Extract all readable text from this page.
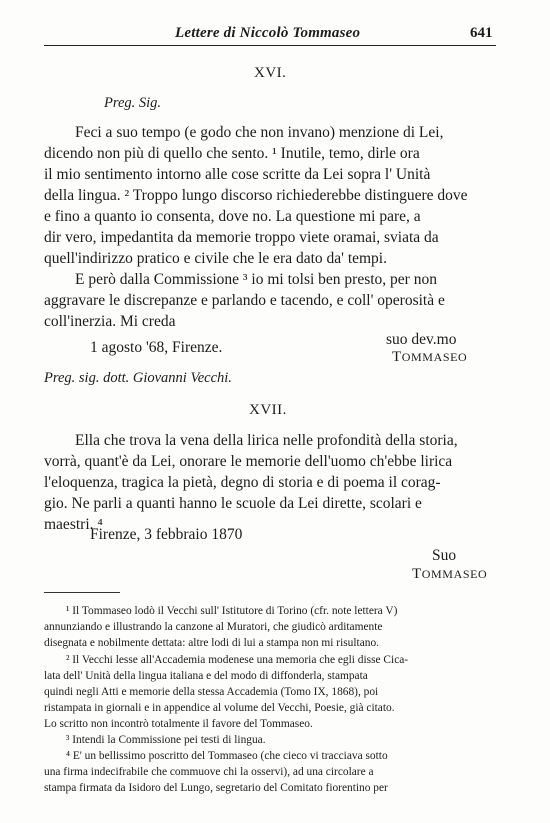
Lettere di Niccolò Tommaseo	641
XVI.
Preg. Sig.
Feci a suo tempo (e godo che non invano) menzione di Lei,
dicendo non più di quello che sento. ¹ Inutile, temo, dirle ora
il mio sentimento intorno alle cose scritte da Lei sopra l' Unità
della lingua. ² Troppo lungo discorso richiederebbe distinguere dove
e fino a quanto io consenta, dove no. La questione mi pare, a
dir vero, impedantita da memorie troppo viete oramai, sviata da
quell'indirizzo pratico e civile che le era dato da' tempi.
E però dalla Commissione ³ io mi tolsi ben presto, per non
aggravare le discrepanze e parlando e tacendo, e coll' operosità e
coll'inerzia. Mi creda
1 agosto '68, Firenze.	suo dev.mo
TOMMASEO
Preg. sig. dott. Giovanni Vecchi.
XVII.
Ella che trova la vena della lirica nelle profondità della storia,
vorrà, quant'è da Lei, onorare le memorie dell'uomo ch'ebbe lirica
l'eloquenza, tragica la pietà, degno di storia e di poema il corag-
gio. Ne parli a quanti hanno le scuole da Lei dirette, scolari e
maestri. ⁴
Firenze, 3 febbraio 1870
Suo
TOMMASEO
¹ Il Tommaseo lodò il Vecchi sull' Istitutore di Torino (cfr. note lettera V)
annunziando e illustrando la canzone al Muratori, che giudicò arditamente
disegnata e nobilmente dettata: altre lodi di lui a stampa non mi risultano.
² Il Vecchi lesse all'Accademia modenese una memoria che egli disse Cica-
lata dell' Unità della lingua italiana e del modo di diffonderla, stampata
quindi negli Atti e memorie della stessa Accademia (Tomo IX, 1868), poi
ristampata in giornali e in appendice al volume del Vecchi, Poesie, già citato.
Lo scritto non incontrò totalmente il favore del Tommaseo.
³ Intendi la Commissione pei testi di lingua.
⁴ E' un bellissimo poscritto del Tommaseo (che cieco vi tracciava sotto
una firma indecifrabile che commuove chi la osservi), ad una circolare a
stampa firmata da Isidoro del Lungo, segretario del Comitato fiorentino per
